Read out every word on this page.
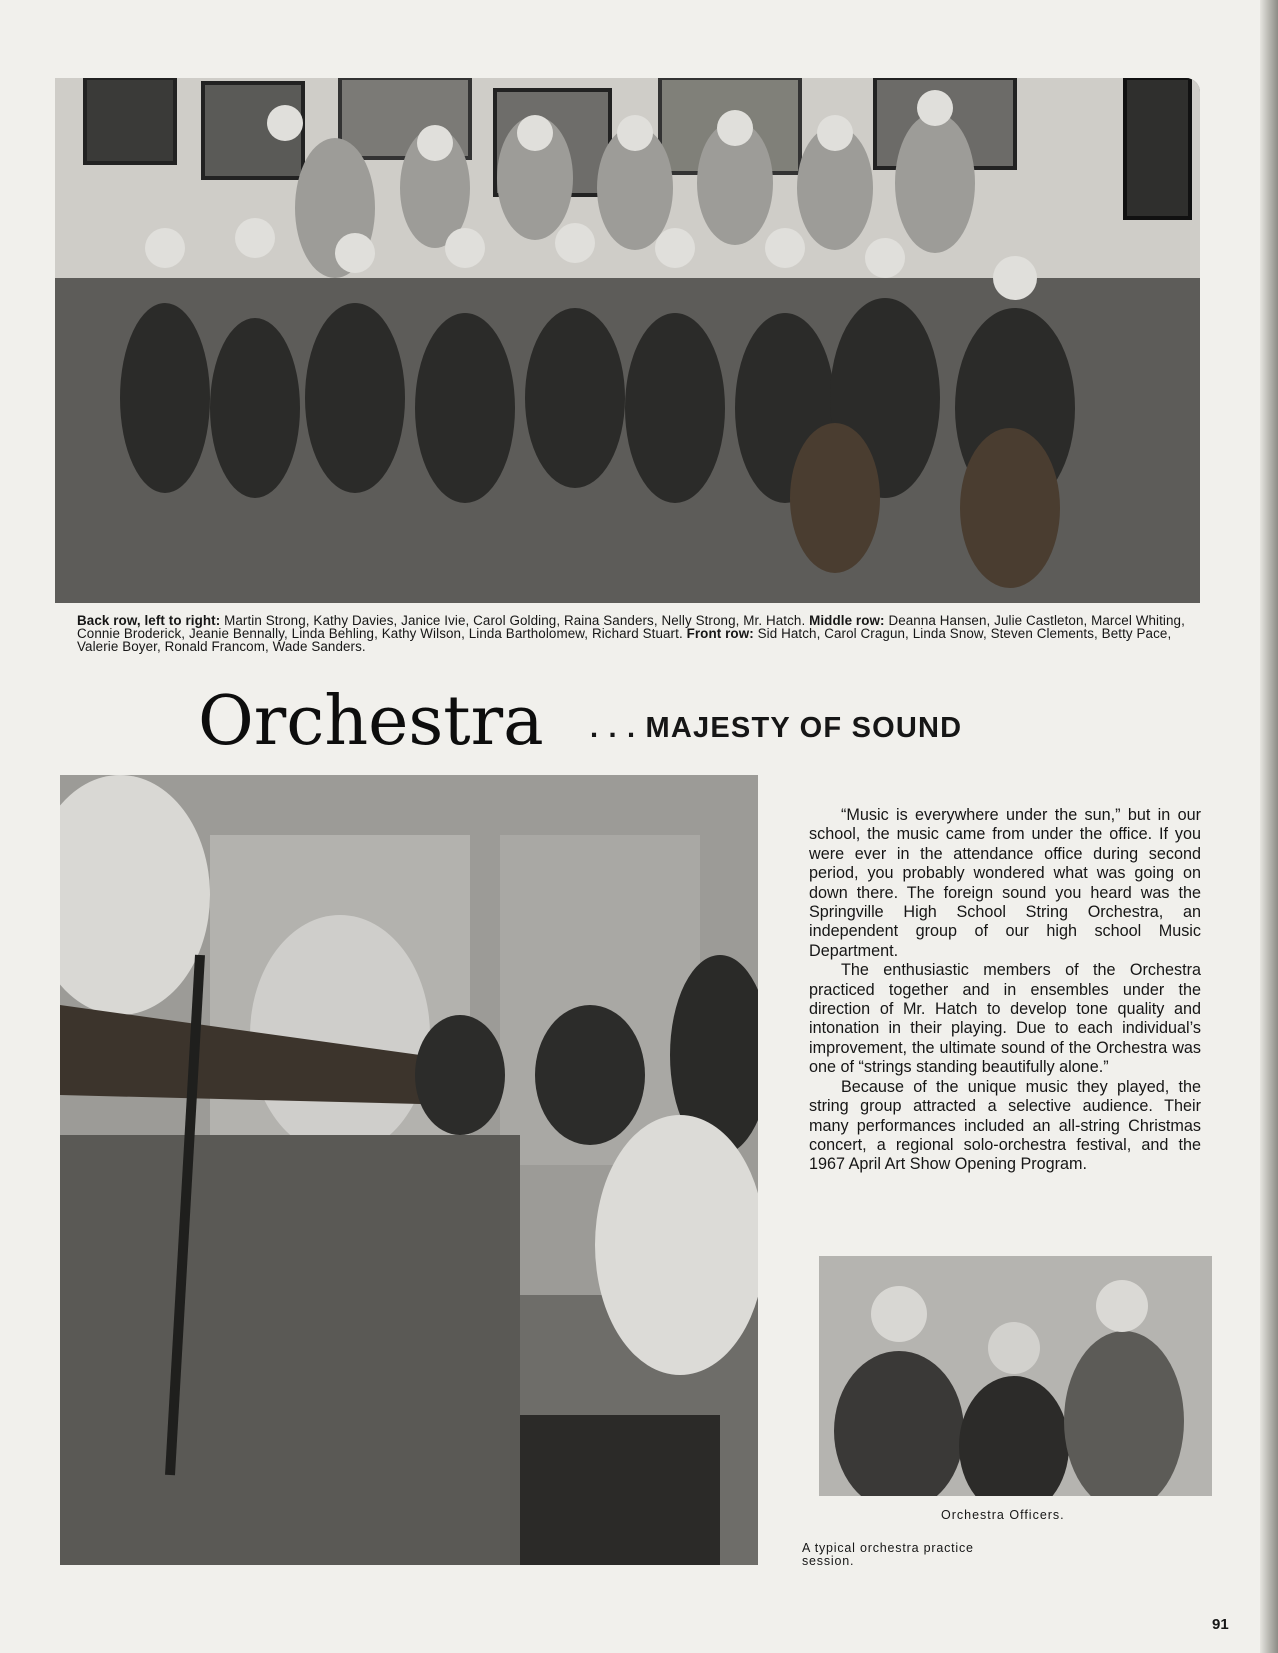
Back row, left to right: Martin Strong, Kathy Davies, Janice Ivie, Carol Golding, Raina Sanders, Nelly Strong, Mr. Hatch. Middle row: Deanna Hansen, Julie Castleton, Marcel Whiting, Connie Broderick, Jeanie Bennally, Linda Behling, Kathy Wilson, Linda Bartholomew, Richard Stuart. Front row: Sid Hatch, Carol Cragun, Linda Snow, Steven Clements, Betty Pace, Valerie Boyer, Ronald Francom, Wade Sanders.
Orchestra . . . MAJESTY OF SOUND

“Music is everywhere under the sun,” but in our school, the music came from under the office. If you were ever in the attendance office during second period, you probably wondered what was going on down there. The foreign sound you heard was the Springville High School String Orchestra, an independent group of our high school Music Department.

The enthusiastic members of the Orchestra practiced together and in ensembles under the direction of Mr. Hatch to develop tone quality and intonation in their playing. Due to each individual’s improvement, the ultimate sound of the Orchestra was one of “strings standing beautifully alone.”

Because of the unique music they played, the string group attracted a selective audience. Their many performances included an all-string Christmas concert, a regional solo-orchestra festival, and the 1967 April Art Show Opening Program.

Orchestra Officers.
A typical orchestra practice session.
91
